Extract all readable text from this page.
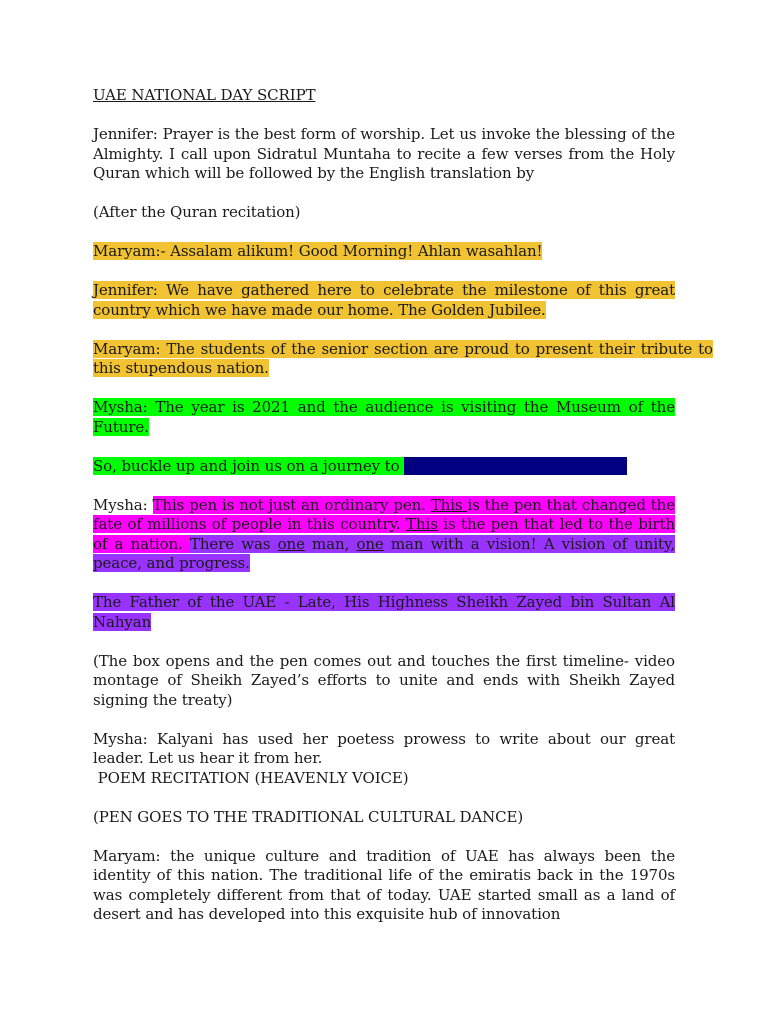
UAE NATIONAL DAY SCRIPT

Jennifer: Prayer is the best form of worship. Let us invoke the blessing of the Almighty. I call upon Sidratul Muntaha to recite a few verses from the Holy Quran which will be followed by the English translation by

(After the Quran recitation)

Maryam:- Assalam alikum! Good Morning! Ahlan wasahlan!

Jennifer: We have gathered here to celebrate the milestone of this great country which we have made our home. The Golden Jubilee.

Maryam: The students of the senior section are proud to present their tribute to this stupendous nation.

Mysha: The year is 2021 and the audience is visiting the Museum of the Future.

So, buckle up and join us on a journey to THE GENESIS OF A LEGACY

Mysha: This pen is not just an ordinary pen. This is the pen that changed the fate of millions of people in this country. This is the pen that led to the birth of a nation. There was one man, one man with a vision! A vision of unity, peace, and progress.

The Father of the UAE - Late, His Highness Sheikh Zayed bin Sultan Al Nahyan

(The box opens and the pen comes out and touches the first timeline- video montage of Sheikh Zayed’s efforts to unite and ends with Sheikh Zayed signing the treaty)

Mysha: Kalyani has used her poetess prowess to write about our great leader. Let us hear it from her.

POEM RECITATION (HEAVENLY VOICE)

(PEN GOES TO THE TRADITIONAL CULTURAL DANCE)

Maryam: the unique culture and tradition of UAE has always been the identity of this nation. The traditional life of the emiratis back in the 1970s was completely different from that of today. UAE started small as a land of desert and has developed into this exquisite hub of innovation
